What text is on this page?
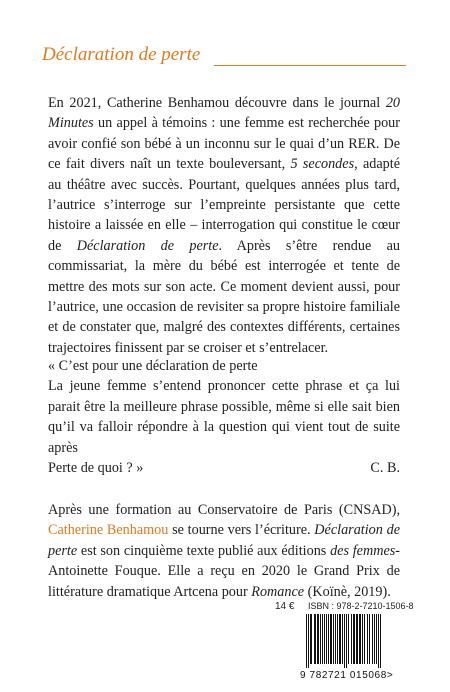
Déclaration de perte
En 2021, Catherine Benhamou découvre dans le journal 20 Minutes un appel à témoins : une femme est recherchée pour avoir confié son bébé à un inconnu sur le quai d’un RER. De ce fait divers naît un texte bouleversant, 5 secondes, adapté au théâtre avec succès. Pourtant, quelques années plus tard, l’autrice s’interroge sur l’empreinte persistante que cette histoire a laissée en elle – interrogation qui constitue le cœur de Déclaration de perte. Après s’être rendue au commissariat, la mère du bébé est interrogée et tente de mettre des mots sur son acte. Ce moment devient aussi, pour l’autrice, une occasion de revisiter sa propre histoire familiale et de constater que, malgré des contextes différents, certaines trajectoires finissent par se croiser et s’entrelacer.
« C’est pour une déclaration de perte
La jeune femme s’entend prononcer cette phrase et ça lui parait être la meilleure phrase possible, même si elle sait bien qu’il va falloir répondre à la question qui vient tout de suite après
Perte de quoi ? »	C. B.
Après une formation au Conservatoire de Paris (CNSAD), Catherine Benhamou se tourne vers l’écriture. Déclaration de perte est son cinquième texte publié aux éditions des femmes-Antoinette Fouque. Elle a reçu en 2020 le Grand Prix de littérature dramatique Artcena pour Romance (Koïnè, 2019).
14 € ISBN : 978-2-7210-1506-8
9 782721 015068>
